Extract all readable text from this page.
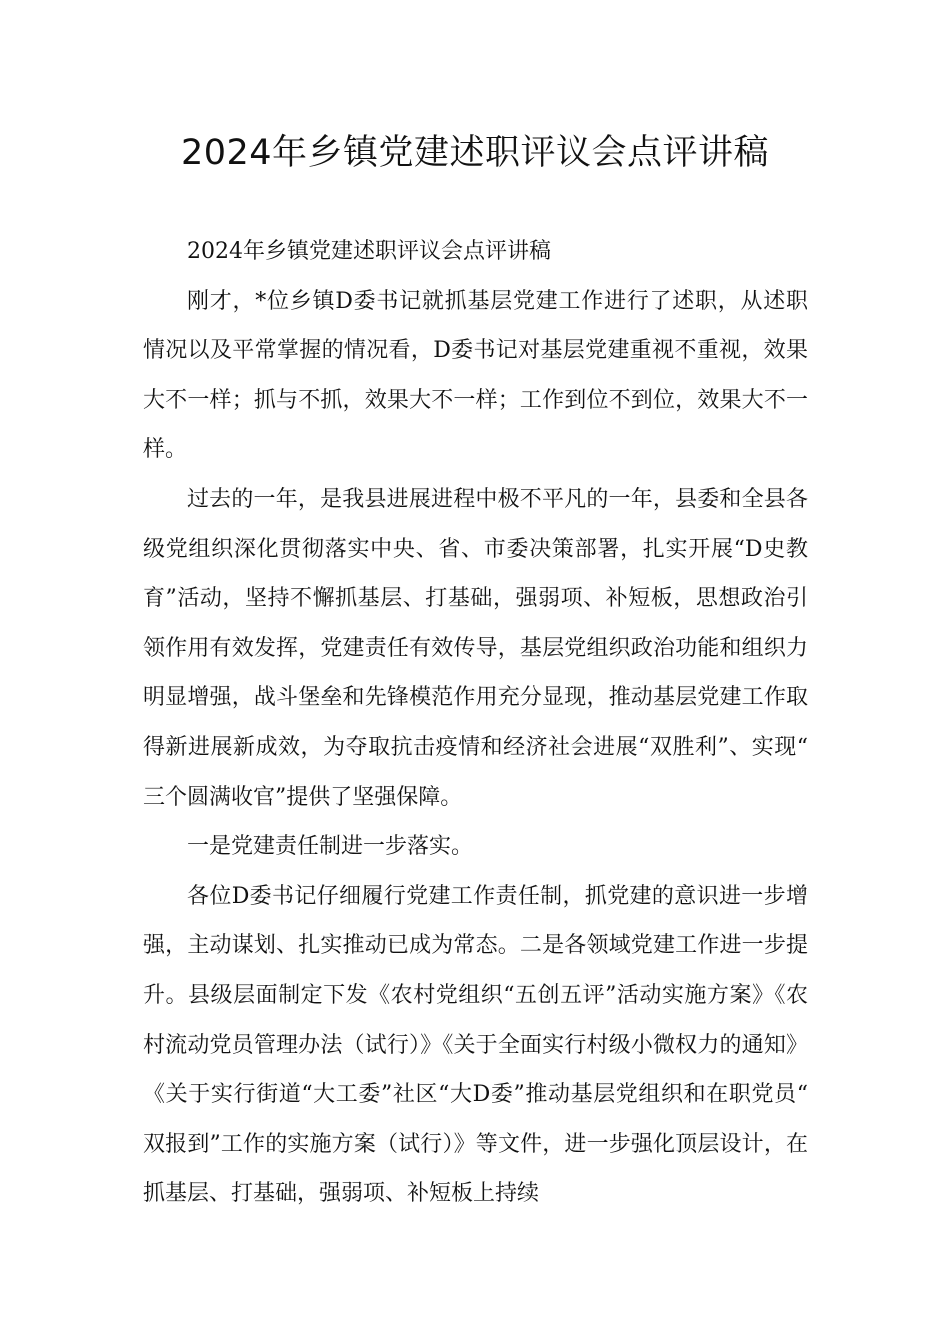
2024年乡镇党建述职评议会点评讲稿

2024年乡镇党建述职评议会点评讲稿

刚才，*位乡镇D委书记就抓基层党建工作进行了述职，从述职情况以及平常掌握的情况看，D委书记对基层党建重视不重视，效果大不一样；抓与不抓，效果大不一样；工作到位不到位，效果大不一样。

过去的一年，是我县进展进程中极不平凡的一年，县委和全县各级党组织深化贯彻落实中央、省、市委决策部署，扎实开展“D史教育”活动，坚持不懈抓基层、打基础，强弱项、补短板，思想政治引领作用有效发挥，党建责任有效传导，基层党组织政治功能和组织力明显增强，战斗堡垒和先锋模范作用充分显现，推动基层党建工作取得新进展新成效，为夺取抗击疫情和经济社会进展“双胜利”、实现“三个圆满收官”提供了坚强保障。

一是党建责任制进一步落实。

各位D委书记仔细履行党建工作责任制，抓党建的意识进一步增强，主动谋划、扎实推动已成为常态。二是各领域党建工作进一步提升。县级层面制定下发《农村党组织“五创五评”活动实施方案》《农村流动党员管理办法（试行）》《关于全面实行村级小微权力的通知》《关于实行街道“大工委”社区“大D委”推动基层党组织和在职党员“双报到”工作的实施方案（试行）》等文件，进一步强化顶层设计，在抓基层、打基础，强弱项、补短板上持续
